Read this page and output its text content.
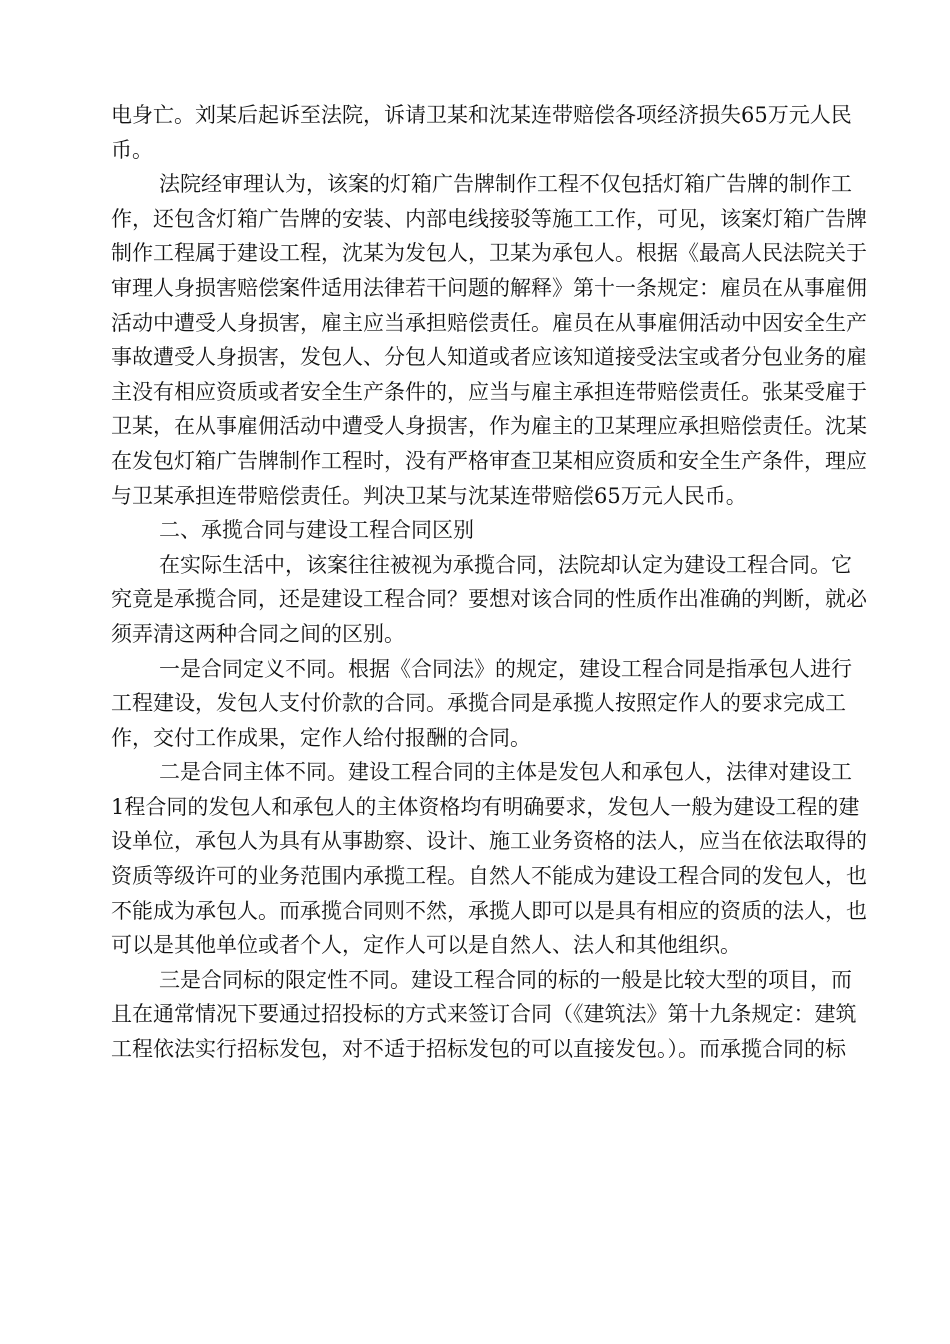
电身亡。刘某后起诉至法院，诉请卫某和沈某连带赔偿各项经济损失65万元人民
币。
法院经审理认为，该案的灯箱广告牌制作工程不仅包括灯箱广告牌的制作工
作，还包含灯箱广告牌的安装、内部电线接驳等施工工作，可见，该案灯箱广告牌
制作工程属于建设工程，沈某为发包人，卫某为承包人。根据《最高人民法院关于
审理人身损害赔偿案件适用法律若干问题的解释》第十一条规定：雇员在从事雇佣
活动中遭受人身损害，雇主应当承担赔偿责任。雇员在从事雇佣活动中因安全生产
事故遭受人身损害，发包人、分包人知道或者应该知道接受法宝或者分包业务的雇
主没有相应资质或者安全生产条件的，应当与雇主承担连带赔偿责任。张某受雇于
卫某，在从事雇佣活动中遭受人身损害，作为雇主的卫某理应承担赔偿责任。沈某
在发包灯箱广告牌制作工程时，没有严格审查卫某相应资质和安全生产条件，理应
与卫某承担连带赔偿责任。判决卫某与沈某连带赔偿65万元人民币。
二、承揽合同与建设工程合同区别
在实际生活中，该案往往被视为承揽合同，法院却认定为建设工程合同。它
究竟是承揽合同，还是建设工程合同？要想对该合同的性质作出准确的判断，就必
须弄清这两种合同之间的区别。
一是合同定义不同。根据《合同法》的规定，建设工程合同是指承包人进行
工程建设，发包人支付价款的合同。承揽合同是承揽人按照定作人的要求完成工
作，交付工作成果，定作人给付报酬的合同。
二是合同主体不同。建设工程合同的主体是发包人和承包人，法律对建设工
1程合同的发包人和承包人的主体资格均有明确要求，发包人一般为建设工程的建
设单位，承包人为具有从事勘察、设计、施工业务资格的法人，应当在依法取得的
资质等级许可的业务范围内承揽工程。自然人不能成为建设工程合同的发包人，也
不能成为承包人。而承揽合同则不然，承揽人即可以是具有相应的资质的法人，也
可以是其他单位或者个人，定作人可以是自然人、法人和其他组织。
三是合同标的限定性不同。建设工程合同的标的一般是比较大型的项目，而
且在通常情况下要通过招投标的方式来签订合同（《建筑法》第十九条规定：建筑
工程依法实行招标发包，对不适于招标发包的可以直接发包。）。而承揽合同的标
